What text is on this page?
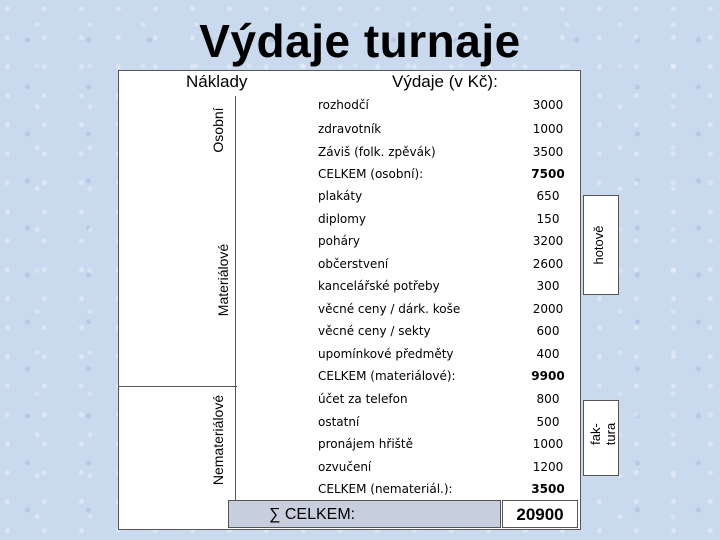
Výdaje turnaje
Náklady	Výdaje (v Kč):
Osobní
Materiálové
Nemateriálové
rozhodčí	3000
zdravotník	1000
Záviš (folk. zpěvák)	3500
CELKEM (osobní):	7500
plakáty	650
diplomy	150
poháry	3200
občerstvení	2600
kancelářské potřeby	300
věcné ceny / dárk. koše	2000
věcné ceny / sekty	600
upomínkové předměty	400
CELKEM (materiálové):	9900
účet za telefon	800
ostatní	500
pronájem hřiště	1000
ozvučení	1200
CELKEM (nemateriál.):	3500
hotově
fak- tura
∑ CELKEM:	20900
